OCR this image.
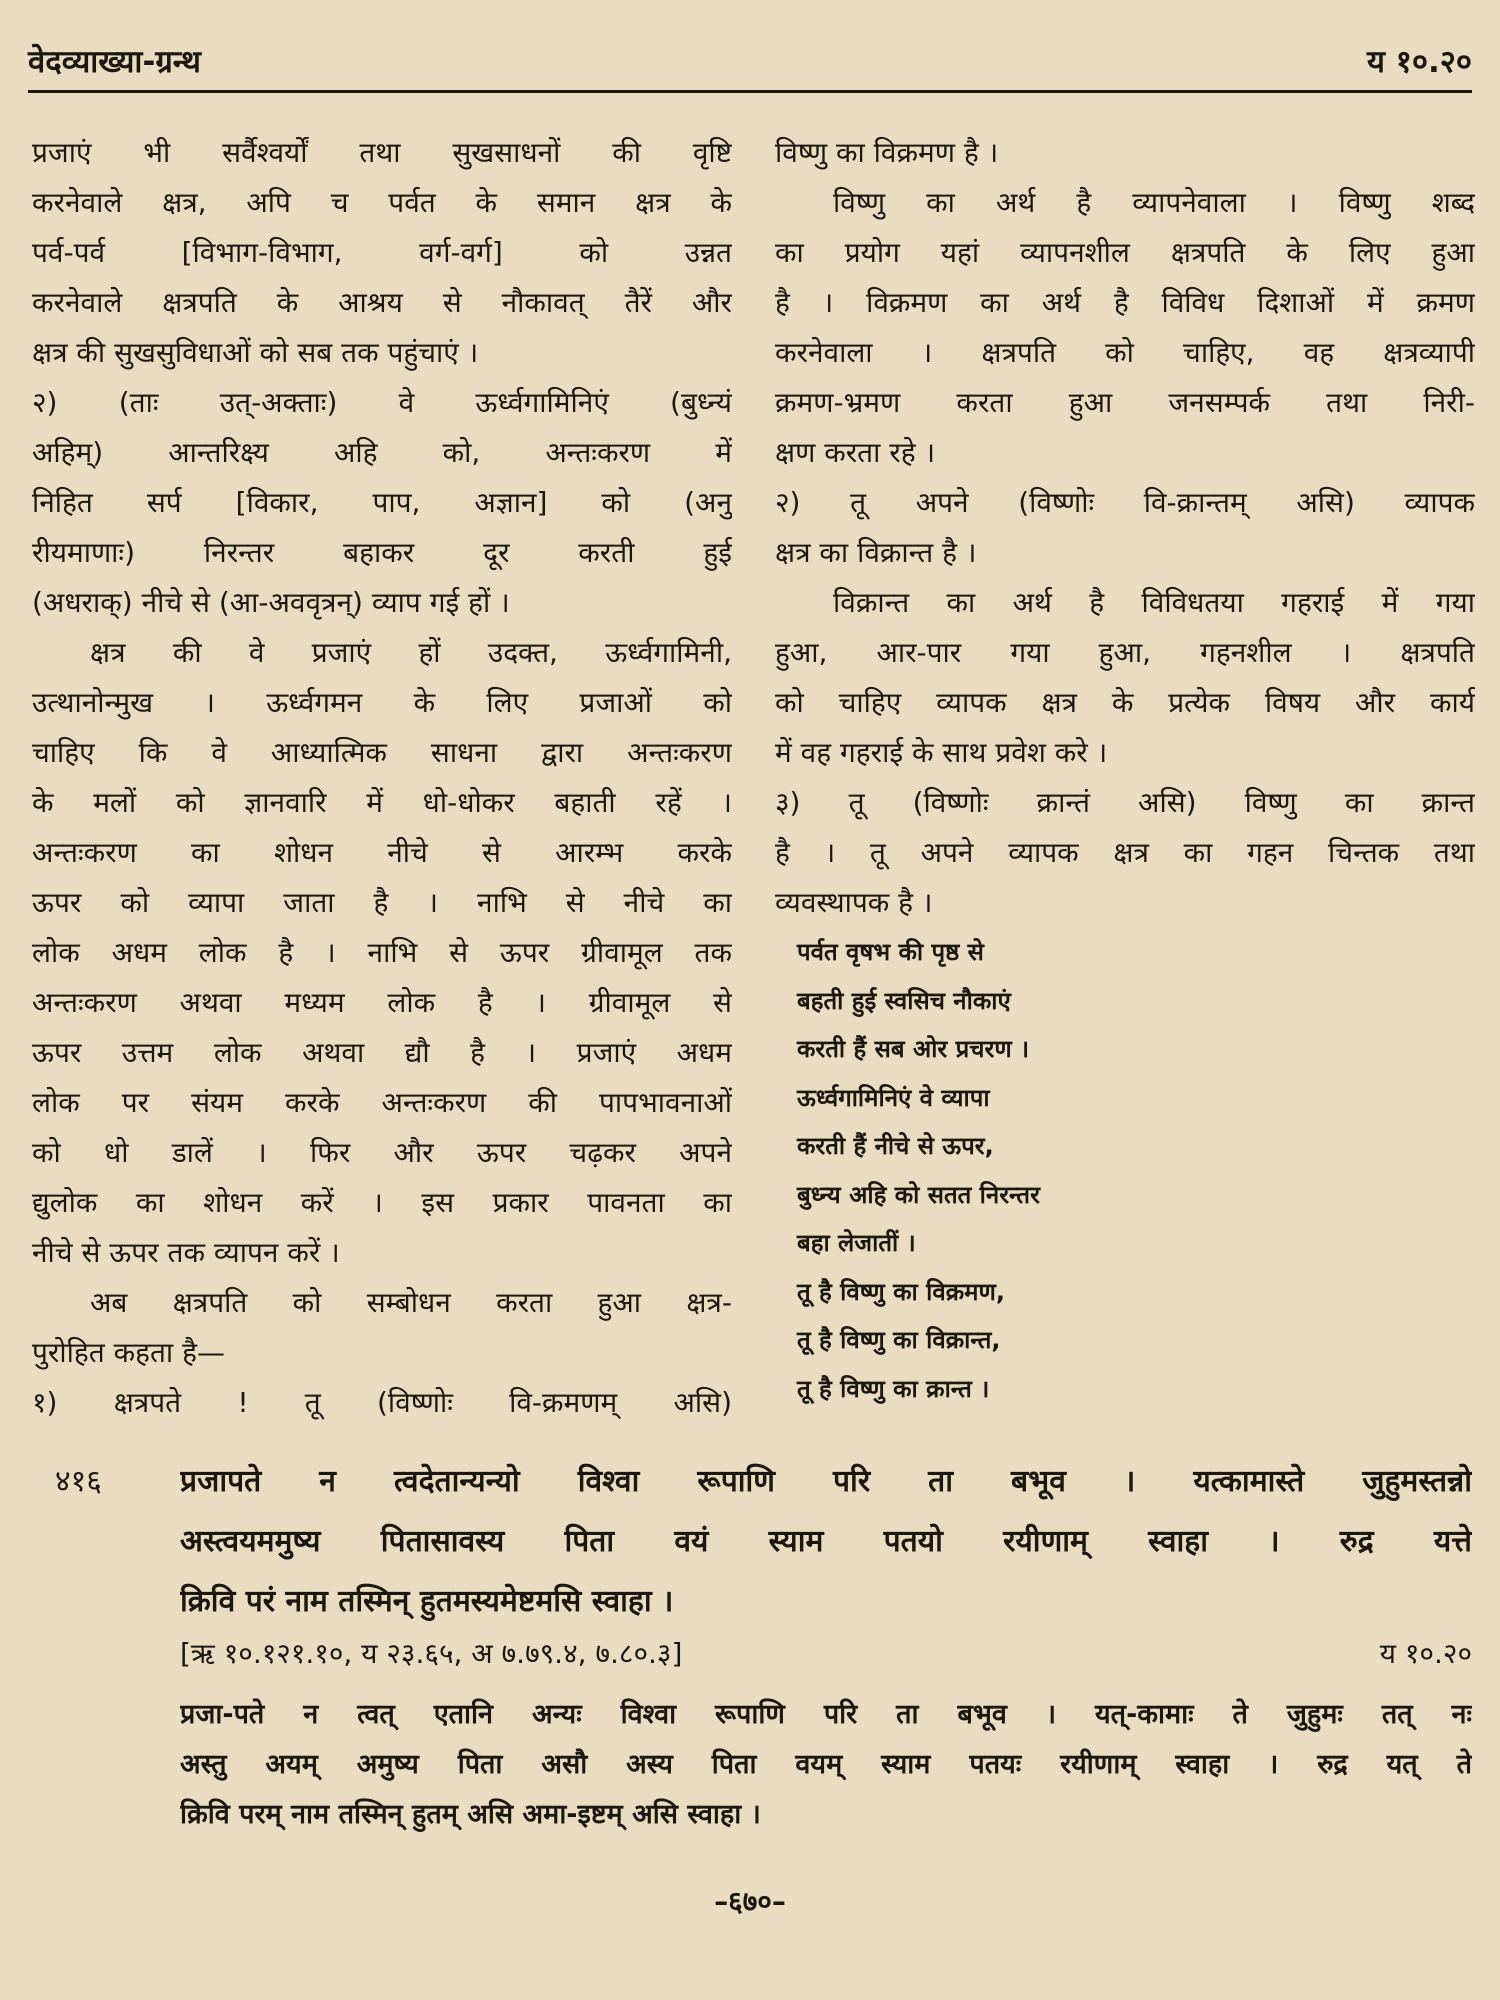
वेदव्याख्या-ग्रन्थ	य १०.२०
प्रजाएं भी सर्वैश्वर्यों तथा सुखसाधनों की वृष्टि
करनेवाले क्षत्र, अपि च पर्वत के समान क्षत्र के
पर्व-पर्व [विभाग-विभाग, वर्ग-वर्ग] को उन्नत
करनेवाले क्षत्रपति के आश्रय से नौकावत् तैरें और
क्षत्र की सुखसुविधाओं को सब तक पहुंचाएं ।
२) (ताः उत्-अक्ताः) वे ऊर्ध्वगामिनिएं (बुध्न्यं
अहिम्) आन्तरिक्ष्य अहि को, अन्तःकरण में
निहित सर्प [विकार, पाप, अज्ञान] को (अनु
रीयमाणाः) निरन्तर बहाकर दूर करती हुई
(अधराक्) नीचे से (आ-अववृत्रन्) व्याप गई हों ।
क्षत्र की वे प्रजाएं हों उदक्त, ऊर्ध्वगामिनी,
उत्थानोन्मुख । ऊर्ध्वगमन के लिए प्रजाओं को
चाहिए कि वे आध्यात्मिक साधना द्वारा अन्तःकरण
के मलों को ज्ञानवारि में धो-धोकर बहाती रहें ।
अन्तःकरण का शोधन नीचे से आरम्भ करके
ऊपर को व्यापा जाता है । नाभि से नीचे का
लोक अधम लोक है । नाभि से ऊपर ग्रीवामूल तक
अन्तःकरण अथवा मध्यम लोक है । ग्रीवामूल से
ऊपर उत्तम लोक अथवा द्यौ है । प्रजाएं अधम
लोक पर संयम करके अन्तःकरण की पापभावनाओं
को धो डालें । फिर और ऊपर चढ़कर अपने
द्युलोक का शोधन करें । इस प्रकार पावनता का
नीचे से ऊपर तक व्यापन करें ।
अब क्षत्रपति को सम्बोधन करता हुआ क्षत्र-
पुरोहित कहता है—
१) क्षत्रपते ! तू (विष्णोः वि-क्रमणम् असि)
विष्णु का विक्रमण है ।
विष्णु का अर्थ है व्यापनेवाला । विष्णु शब्द
का प्रयोग यहां व्यापनशील क्षत्रपति के लिए हुआ
है । विक्रमण का अर्थ है विविध दिशाओं में क्रमण
करनेवाला । क्षत्रपति को चाहिए, वह क्षत्रव्यापी
क्रमण-भ्रमण करता हुआ जनसम्पर्क तथा निरी-
क्षण करता रहे ।
२) तू अपने (विष्णोः वि-क्रान्तम् असि) व्यापक
क्षत्र का विक्रान्त है ।
विक्रान्त का अर्थ है विविधतया गहराई में गया
हुआ, आर-पार गया हुआ, गहनशील । क्षत्रपति
को चाहिए व्यापक क्षत्र के प्रत्येक विषय और कार्य
में वह गहराई के साथ प्रवेश करे ।
३) तू (विष्णोः क्रान्तं असि) विष्णु का क्रान्त
है । तू अपने व्यापक क्षत्र का गहन चिन्तक तथा
व्यवस्थापक है ।
पर्वत वृषभ की पृष्ठ से
बहती हुई स्वसिच नौकाएं
करती हैं सब ओर प्रचरण ।
ऊर्ध्वगामिनिएं वे व्यापा
करती हैं नीचे से ऊपर,
बुध्न्य अहि को सतत निरन्तर
बहा लेजातीं ।
तू है विष्णु का विक्रमण,
तू है विष्णु का विक्रान्त,
तू है विष्णु का क्रान्त ।
४१६	प्रजापते न त्वदेतान्यन्यो विश्वा रूपाणि परि ता बभूव । यत्कामास्ते जुहुमस्तन्नो
अस्त्वयममुष्य पितासावस्य पिता वयं स्याम पतयो रयीणाम् स्वाहा । रुद्र यत्ते
क्रिवि परं नाम तस्मिन् हुतमस्यमेष्टमसि स्वाहा ।
[ऋ १०.१२१.१०, य २३.६५, अ ७.७९.४, ७.८०.३]	य १०.२०
प्रजा-पते न त्वत् एतानि अन्यः विश्वा रूपाणि परि ता बभूव । यत्-कामाः ते जुहुमः तत् नः
अस्तु अयम् अमुष्य पिता असौ अस्य पिता वयम् स्याम पतयः रयीणाम् स्वाहा । रुद्र यत् ते
क्रिवि परम् नाम तस्मिन् हुतम् असि अमा-इष्टम् असि स्वाहा ।
–६७०–
